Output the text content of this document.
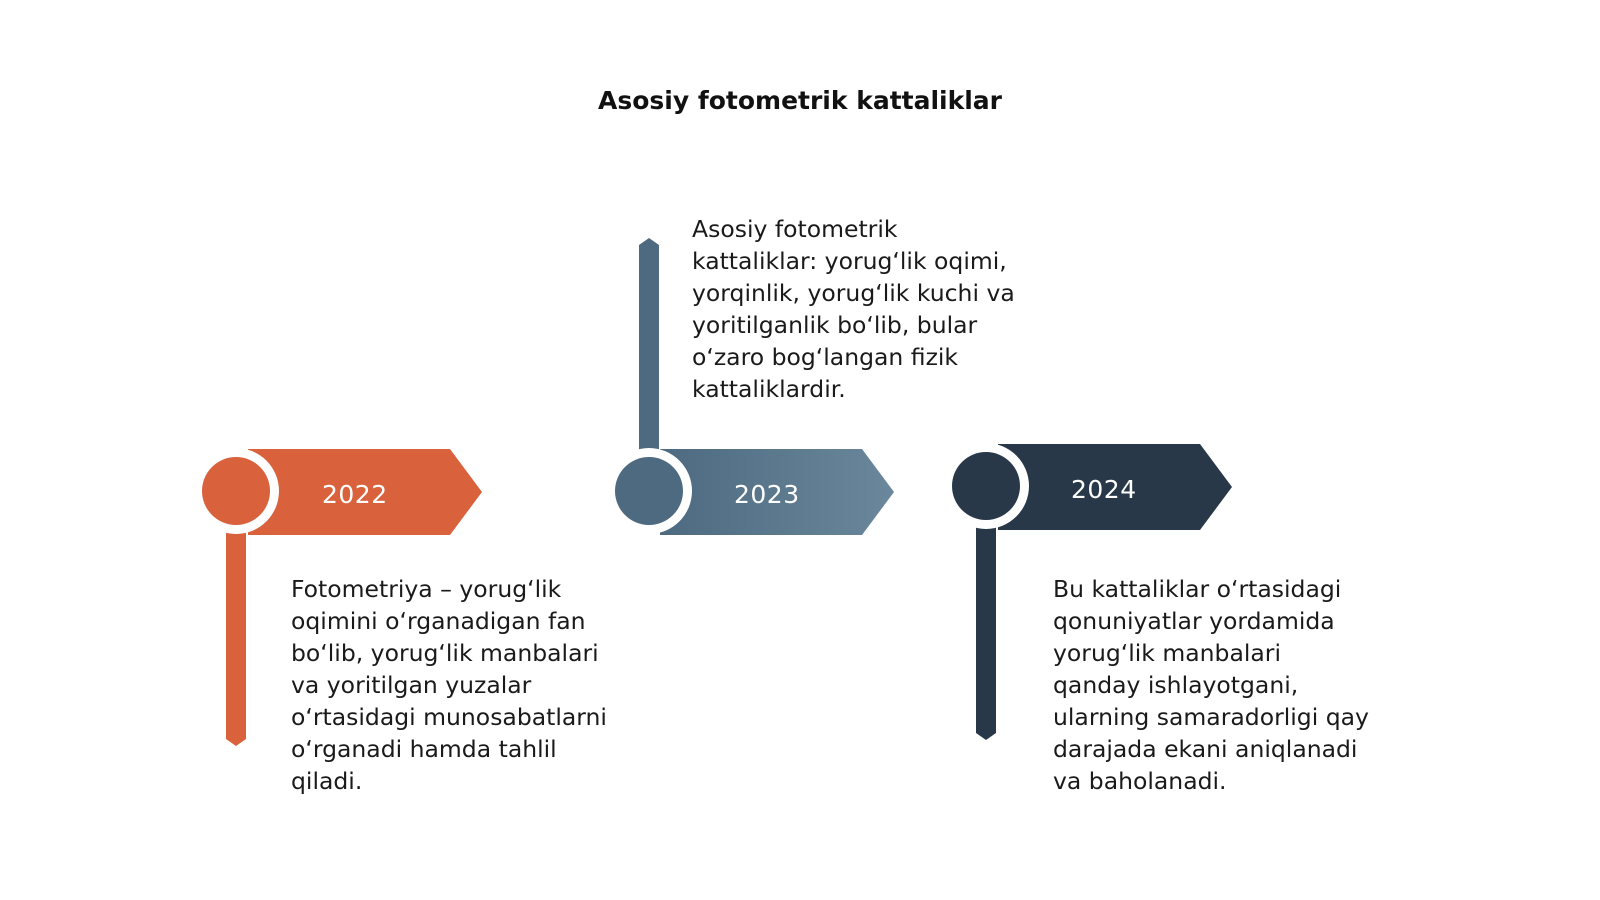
Asosiy fotometrik kattaliklar
2022
Fotometriya – yorug‘lik
oqimini o‘rganadigan fan
bo‘lib, yorug‘lik manbalari
va yoritilgan yuzalar
o‘rtasidagi munosabatlarni
o‘rganadi hamda tahlil
qiladi.
2023
Asosiy fotometrik
kattaliklar: yorug‘lik oqimi,
yorqinlik, yorug‘lik kuchi va
yoritilganlik bo‘lib, bular
o‘zaro bog‘langan fizik
kattaliklardir.
2024
Bu kattaliklar o‘rtasidagi
qonuniyatlar yordamida
yorug‘lik manbalari
qanday ishlayotgani,
ularning samaradorligi qay
darajada ekani aniqlanadi
va baholanadi.
